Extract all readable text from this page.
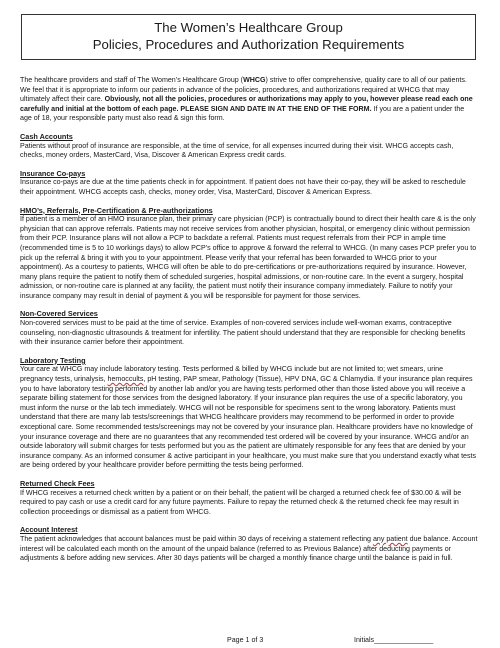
The Women’s Healthcare Group
Policies, Procedures and Authorization Requirements
The healthcare providers and staff of The Women’s Healthcare Group (WHCG) strive to offer comprehensive, quality care to all of our patients. We feel that it is appropriate to inform our patients in advance of the policies, procedures, and authorizations required at WHCG that may ultimately affect their care. Obviously, not all the policies, procedures or authorizations may apply to you, however please read each one carefully and initial at the bottom of each page. PLEASE SIGN AND DATE IN AT THE END OF THE FORM. If you are a patient under the age of 18, your responsible party must also read & sign this form.
Cash Accounts
Patients without proof of insurance are responsible, at the time of service, for all expenses incurred during their visit. WHCG accepts cash, checks, money orders, MasterCard, Visa, Discover & American Express credit cards.
Insurance Co-pays
Insurance co-pays are due at the time patients check in for appointment. If patient does not have their co-pay, they will be asked to reschedule their appointment. WHCG accepts cash, checks, money order, Visa, MasterCard, Discover & American Express.
HMO’s, Referrals, Pre-Certification & Pre-authorizations
If patient is a member of an HMO insurance plan, their primary care physician (PCP) is contractually bound to direct their health care & is the only physician that can approve referrals. Patients may not receive services from another physician, hospital, or emergency clinic without permission from their PCP. Insurance plans will not allow a PCP to backdate a referral. Patients must request referrals from their PCP in ample time (recommended time is 5 to 10 workings days) to allow PCP’s office to approve & forward the referral to WHCG. (In many cases PCP prefer you to pick up the referral & bring it with you to your appointment. Please verify that your referral has been forwarded to WHCG prior to your appointment). As a courtesy to patients, WHCG will often be able to do pre-certifications or pre-authorizations required by insurance. However, many plans require the patient to notify them of scheduled surgeries, hospital admissions, or non-routine care. In the event a surgery, hospital admission, or non-routine care is planned at any facility, the patient must notify their insurance company immediately. Failure to notify your insurance company may result in denial of payment & you will be responsible for payment for those services.
Non-Covered Services
Non-covered services must to be paid at the time of service. Examples of non-covered services include well-woman exams, contraceptive counseling, non-diagnostic ultrasounds & treatment for infertility. The patient should understand that they are responsible for checking benefits with their insurance carrier before their appointment.
Laboratory Testing
Your care at WHCG may include laboratory testing. Tests performed & billed by WHCG include but are not limited to; wet smears, urine pregnancy tests, urinalysis, hemoccults, pH testing, PAP smear, Pathology (Tissue), HPV DNA, GC & Chlamydia. If your insurance plan requires you to have laboratory testing performed by another lab and/or you are having tests performed other than those listed above you will receive a separate billing statement for those services from the designed laboratory. If your insurance plan requires the use of a specific laboratory, you must inform the nurse or the lab tech immediately. WHCG will not be responsible for specimens sent to the wrong laboratory. Patients must understand that there are many lab tests/screenings that WHCG healthcare providers may recommend to be performed in order to provide exceptional care. Some recommended tests/screenings may not be covered by your insurance plan. Healthcare providers have no knowledge of your insurance coverage and there are no guarantees that any recommended test ordered will be covered by your insurance. WHCG and/or an outside laboratory will submit charges for tests performed but you as the patient are ultimately responsible for any fees that are denied by your insurance company. As an informed consumer & active participant in your healthcare, you must make sure that you understand exactly what tests are being ordered by your healthcare provider before permitting the tests being performed.
Returned Check Fees
If WHCG receives a returned check written by a patient or on their behalf, the patient will be charged a returned check fee of $30.00 & will be required to pay cash or use a credit card for any future payments. Failure to repay the returned check & the returned check fee may result in collection proceedings or dismissal as a patient from WHCG.
Account Interest
The patient acknowledges that account balances must be paid within 30 days of receiving a statement reflecting any patient due balance. Account interest will be calculated each month on the amount of the unpaid balance (referred to as Previous Balance) after deducting payments or adjustments & before adding new services. After 30 days patients will be charged a monthly finance charge until the balance is paid in full.
Page 1 of 3	Initials_______________
